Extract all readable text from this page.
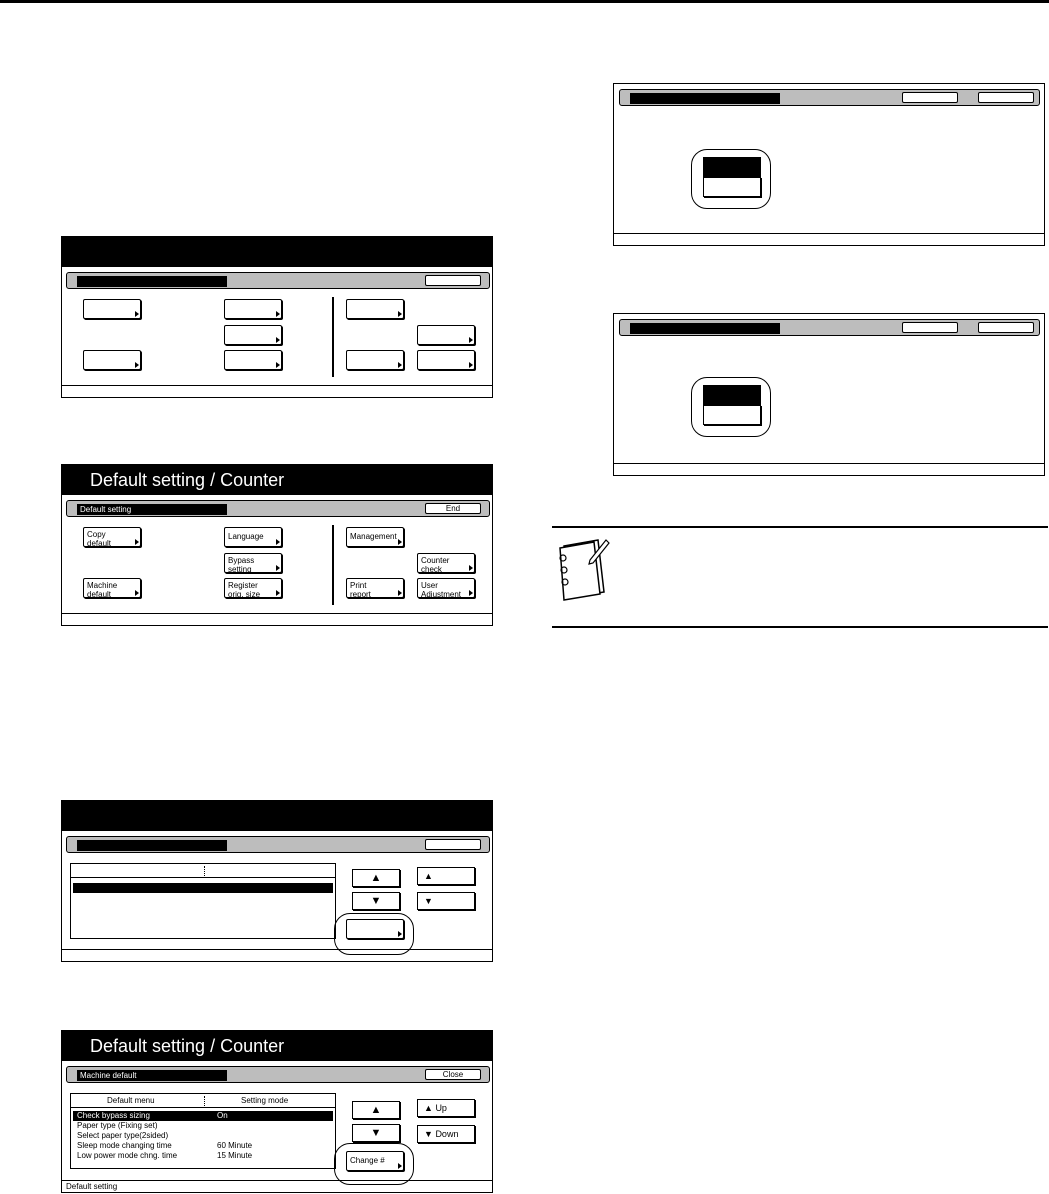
Default setting / Counter
Default setting	End
Copy
default
Machine
default
Language
Bypass
setting
Register
orig. size
Management
Counter
check
Print
report
User
Adjustment
▲
▼
▲
▼
Default setting / Counter
Machine default	Close
Default menu	Setting mode
Check bypass sizing	On
Paper type (Fixing set)
Select paper type(2sided)
Sleep mode changing time	60 Minute
Low power mode chng. time	15 Minute
▲
▼
▲ Up
▼ Down
Change #
Default setting
